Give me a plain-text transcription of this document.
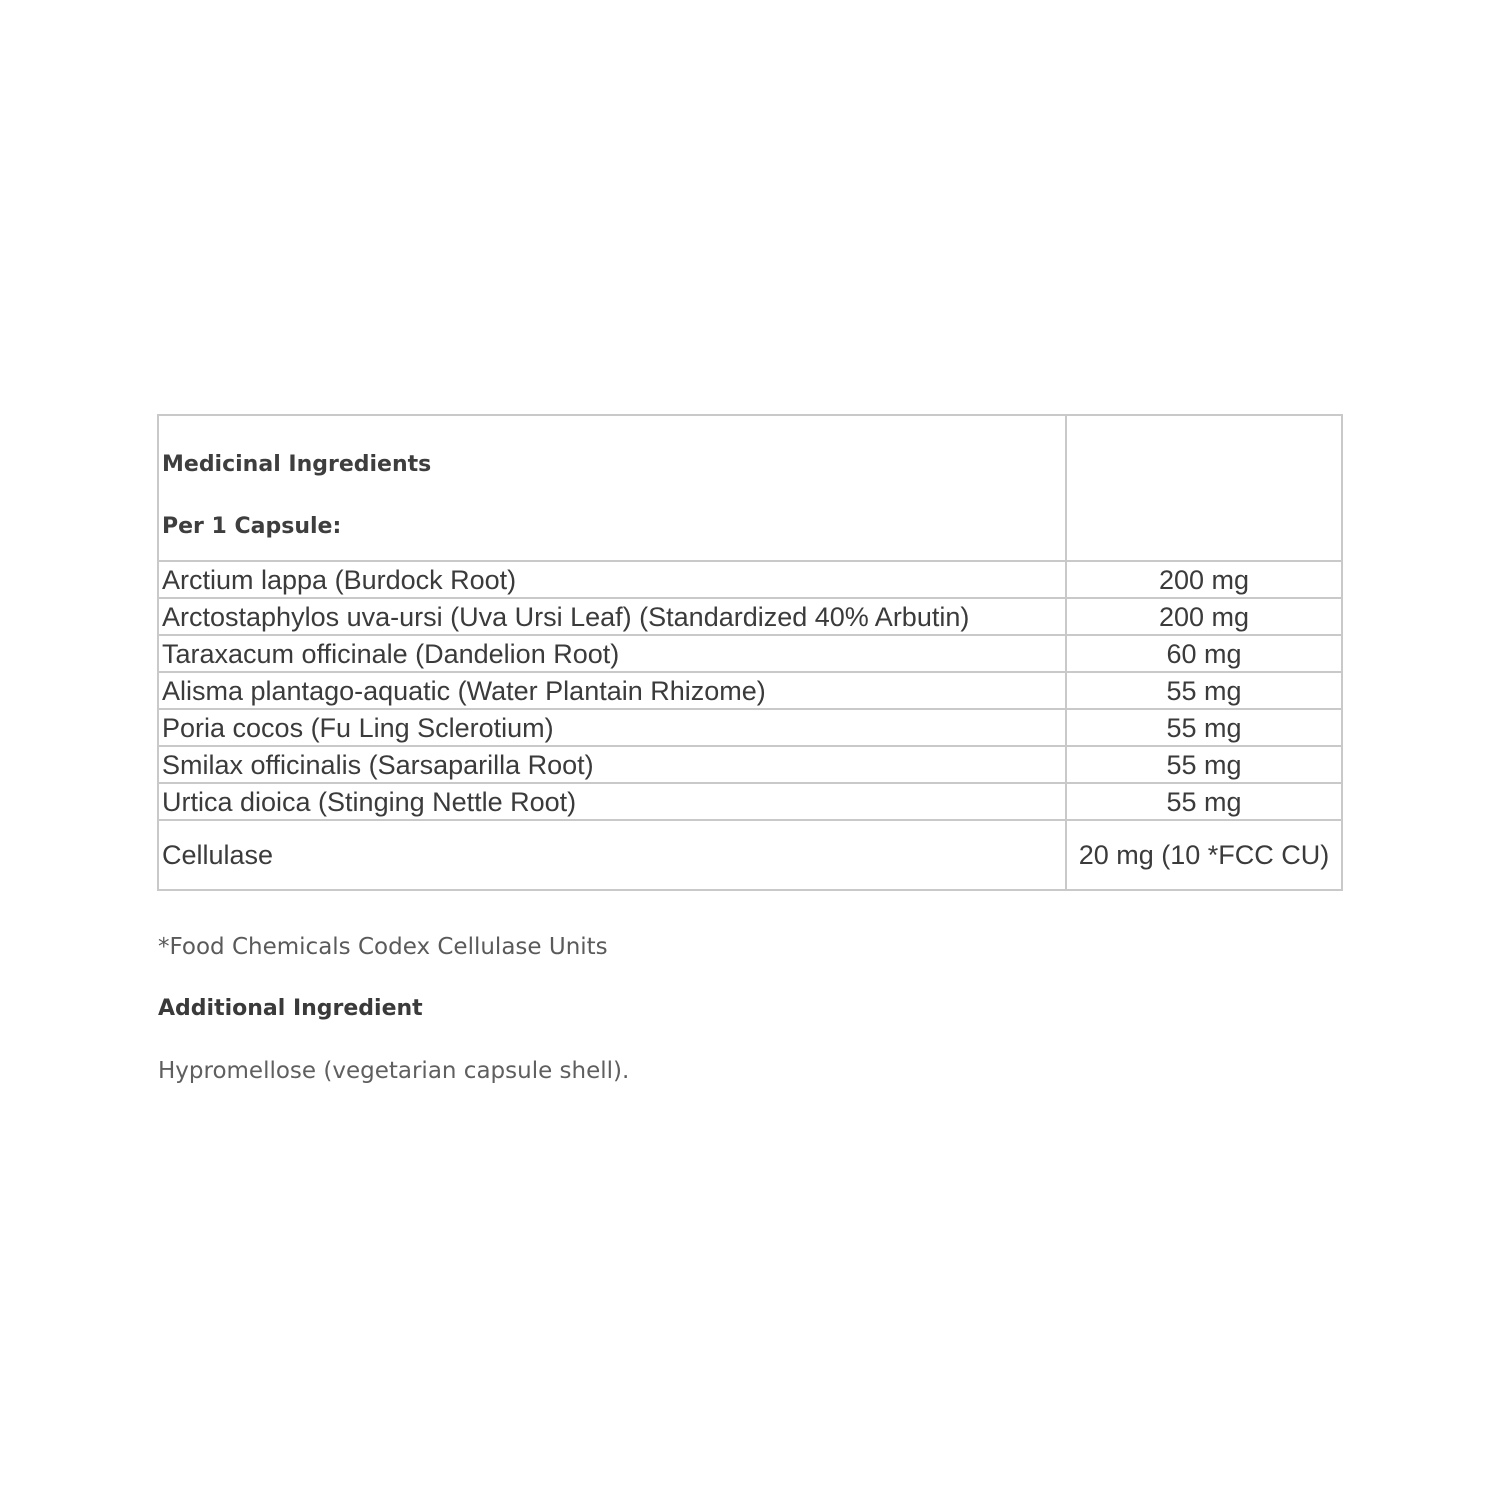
Medicinal Ingredients
Per 1 Capsule:	

Arctium lappa (Burdock Root)	200 mg
Arctostaphylos uva-ursi (Uva Ursi Leaf) (Standardized 40% Arbutin)	200 mg
Taraxacum officinale (Dandelion Root)	60 mg
Alisma plantago-aquatic (Water Plantain Rhizome)	55 mg
Poria cocos (Fu Ling Sclerotium)	55 mg
Smilax officinalis (Sarsaparilla Root)	55 mg
Urtica dioica (Stinging Nettle Root)	55 mg
Cellulase	20 mg (10 *FCC CU)
*Food Chemicals Codex Cellulase Units
Additional Ingredient
Hypromellose (vegetarian capsule shell).
